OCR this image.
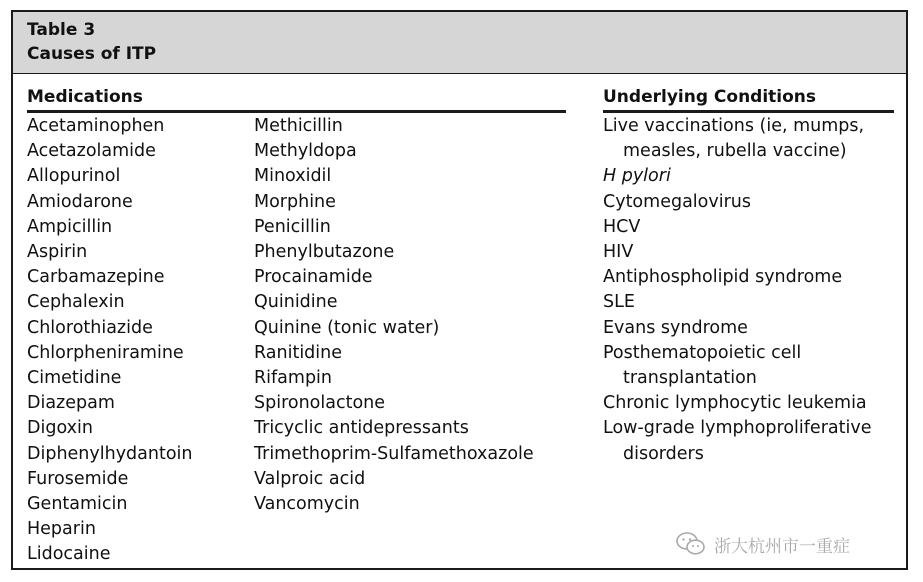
Table 3
Causes of ITP
Medications	Underlying Conditions
Acetaminophen
Acetazolamide
Allopurinol
Amiodarone
Ampicillin
Aspirin
Carbamazepine
Cephalexin
Chlorothiazide
Chlorpheniramine
Cimetidine
Diazepam
Digoxin
Diphenylhydantoin
Furosemide
Gentamicin
Heparin
Lidocaine
Methicillin
Methyldopa
Minoxidil
Morphine
Penicillin
Phenylbutazone
Procainamide
Quinidine
Quinine (tonic water)
Ranitidine
Rifampin
Spironolactone
Tricyclic antidepressants
Trimethoprim-Sulfamethoxazole
Valproic acid
Vancomycin
Live vaccinations (ie, mumps,
measles, rubella vaccine)
H pylori
Cytomegalovirus
HCV
HIV
Antiphospholipid syndrome
SLE
Evans syndrome
Posthematopoietic cell
transplantation
Chronic lymphocytic leukemia
Low-grade lymphoproliferative
disorders
浙大杭州市一重症
